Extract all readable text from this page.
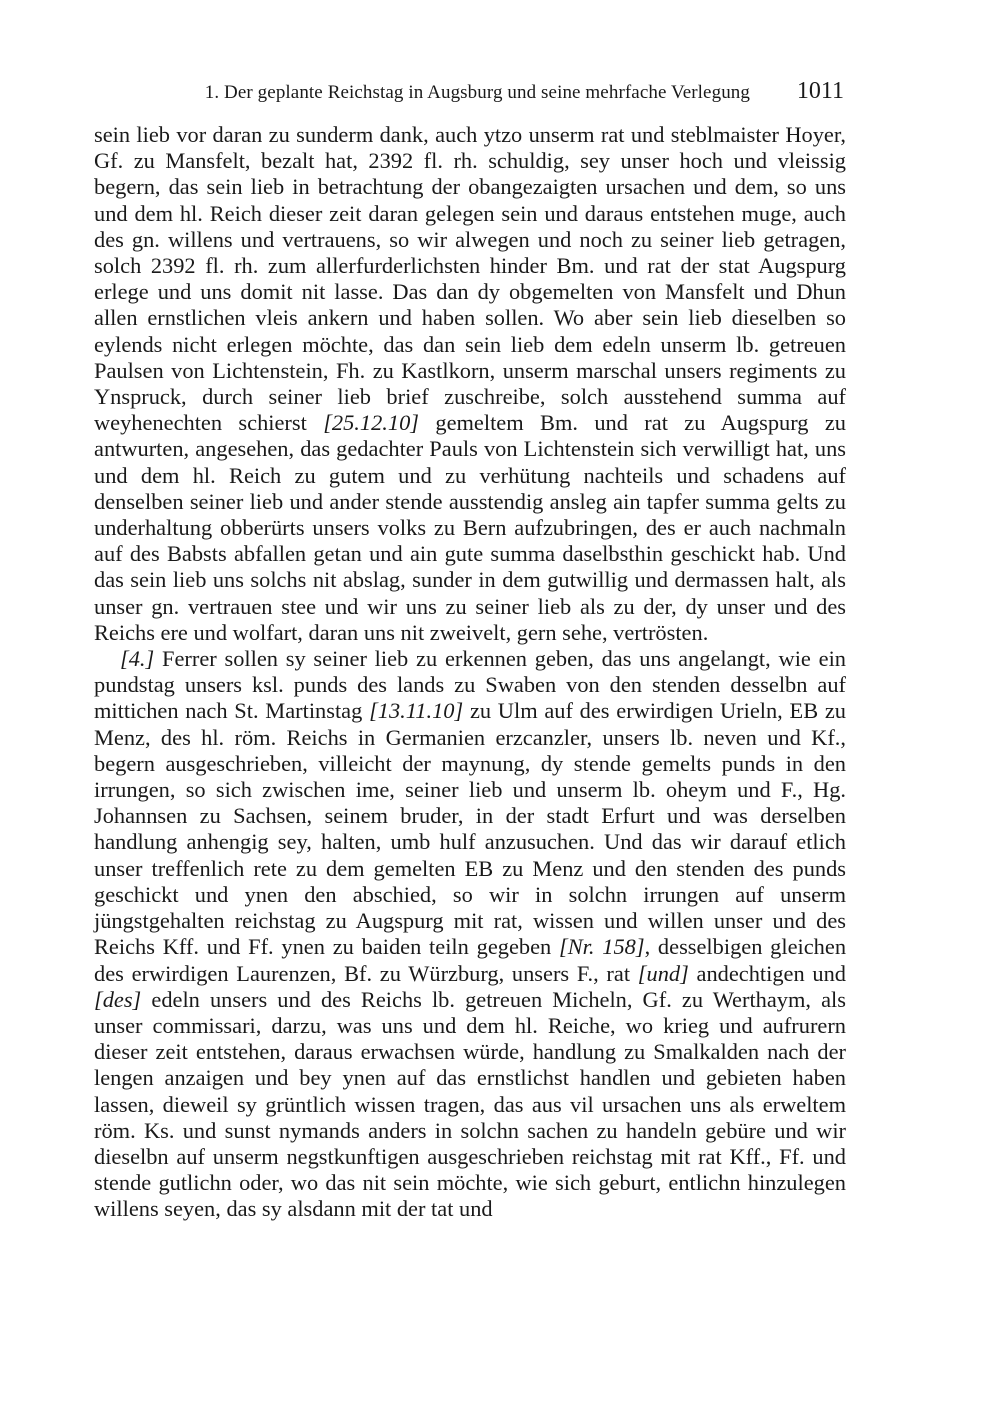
1. Der geplante Reichstag in Augsburg und seine mehrfache Verlegung 1011

sein lieb vor daran zu sunderm dank, auch ytzo unserm rat und steblmaister Hoyer, Gf. zu Mansfelt, bezalt hat, 2392 fl. rh. schuldig, sey unser hoch und vleissig begern, das sein lieb in betrachtung der obangezaigten ursachen und dem, so uns und dem hl. Reich dieser zeit daran gelegen sein und daraus entstehen muge, auch des gn. willens und vertrauens, so wir alwegen und noch zu seiner lieb getragen, solch 2392 fl. rh. zum allerfurderlichsten hinder Bm. und rat der stat Augspurg erlege und uns domit nit lasse. Das dan dy obgemelten von Mansfelt und Dhun allen ernstlichen vleis ankern und haben sollen. Wo aber sein lieb dieselben so eylends nicht erlegen möchte, das dan sein lieb dem edeln unserm lb. getreuen Paulsen von Lichtenstein, Fh. zu Kastlkorn, unserm marschal unsers regiments zu Ynspruck, durch seiner lieb brief zuschreibe, solch ausstehend summa auf weyhenechten schierst [25.12.10] gemeltem Bm. und rat zu Augspurg zu antwurten, angesehen, das gedachter Pauls von Lichtenstein sich verwilligt hat, uns und dem hl. Reich zu gutem und zu verhütung nachteils und schadens auf denselben seiner lieb und ander stende ausstendig ansleg ain tapfer summa gelts zu underhaltung obberürts unsers volks zu Bern aufzubringen, des er auch nachmaln auf des Babsts abfallen getan und ain gute summa daselbsthin geschickt hab. Und das sein lieb uns solchs nit abslag, sunder in dem gutwillig und dermassen halt, als unser gn. vertrauen stee und wir uns zu seiner lieb als zu der, dy unser und des Reichs ere und wolfart, daran uns nit zweivelt, gern sehe, vertrösten.

[4.] Ferrer sollen sy seiner lieb zu erkennen geben, das uns angelangt, wie ein pundstag unsers ksl. punds des lands zu Swaben von den stenden desselbn auf mittichen nach St. Martinstag [13.11.10] zu Ulm auf des erwirdigen Urieln, EB zu Menz, des hl. röm. Reichs in Germanien erzcanzler, unsers lb. neven und Kf., begern ausgeschrieben, villeicht der maynung, dy stende gemelts punds in den irrungen, so sich zwischen ime, seiner lieb und unserm lb. oheym und F., Hg. Johannsen zu Sachsen, seinem bruder, in der stadt Erfurt und was derselben handlung anhengig sey, halten, umb hulf anzusuchen. Und das wir darauf etlich unser treffenlich rete zu dem gemelten EB zu Menz und den stenden des punds geschickt und ynen den abschied, so wir in solchn irrungen auf unserm jüngstgehalten reichstag zu Augspurg mit rat, wissen und willen unser und des Reichs Kff. und Ff. ynen zu baiden teiln gegeben [Nr. 158], desselbigen gleichen des erwirdigen Laurenzen, Bf. zu Würzburg, unsers F., rat [und] andechtigen und [des] edeln unsers und des Reichs lb. getreuen Micheln, Gf. zu Werthaym, als unser commissari, darzu, was uns und dem hl. Reiche, wo krieg und aufrurern dieser zeit entstehen, daraus erwachsen würde, handlung zu Smalkalden nach der lengen anzaigen und bey ynen auf das ernstlichst handlen und gebieten haben lassen, dieweil sy grüntlich wissen tragen, das aus vil ursachen uns als erweltem röm. Ks. und sunst nymands anders in solchn sachen zu handeln gebüre und wir dieselbn auf unserm negstkunftigen ausgeschrieben reichstag mit rat Kff., Ff. und stende gutlichn oder, wo das nit sein möchte, wie sich geburt, entlichn hinzulegen willens seyen, das sy alsdann mit der tat und
